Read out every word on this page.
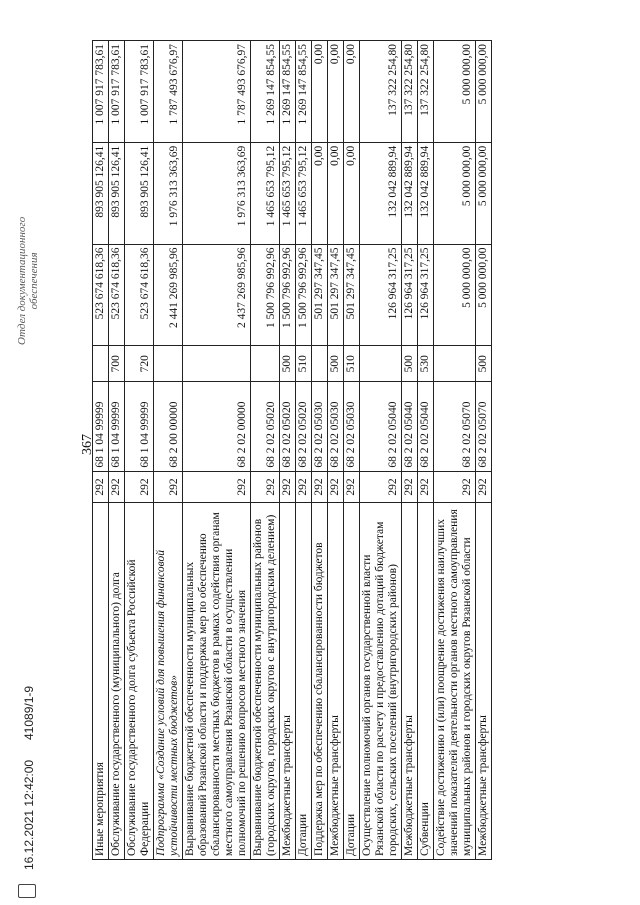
367
Иные мероприятия	292	68 1 04 99999		523 674 618,36	893 905 126,41	1 007 917 783,61
Обслуживание государственного (муниципального) долга	292	68 1 04 99999	700	523 674 618,36	893 905 126,41	1 007 917 783,61
Обслуживание государственного долга субъекта Российской Федерации	292	68 1 04 99999	720	523 674 618,36	893 905 126,41	1 007 917 783,61
Подпрограмма «Создание условий для повышения финансовой устойчивости местных бюджетов»	292	68 2 00 00000		2 441 269 985,96	1 976 313 363,69	1 787 493 676,97
Выравнивание бюджетной обеспеченности муниципальных образований Рязанской области и поддержка мер по обеспечению сбалансированности местных бюджетов в рамках содействия органам местного самоуправления Рязанской области в осуществлении полномочий по решению вопросов местного значения	292	68 2 02 00000		2 437 269 985,96	1 976 313 363,69	1 787 493 676,97
Выравнивание бюджетной обеспеченности муниципальных районов (городских округов, городских округов с внутригородским делением)	292	68 2 02 05020		1 500 796 992,96	1 465 653 795,12	1 269 147 854,55
Межбюджетные трансферты	292	68 2 02 05020	500	1 500 796 992,96	1 465 653 795,12	1 269 147 854,55
Дотации	292	68 2 02 05020	510	1 500 796 992,96	1 465 653 795,12	1 269 147 854,55
Поддержка мер по обеспечению сбалансированности бюджетов	292	68 2 02 05030		501 297 347,45	0,00	0,00
Межбюджетные трансферты	292	68 2 02 05030	500	501 297 347,45	0,00	0,00
Дотации	292	68 2 02 05030	510	501 297 347,45	0,00	0,00
Осуществление полномочий органов государственной власти Рязанской области по расчету и предоставлению дотаций бюджетам городских, сельских поселений (внутригородских районов)	292	68 2 02 05040		126 964 317,25	132 042 889,94	137 322 254,80
Межбюджетные трансферты	292	68 2 02 05040	500	126 964 317,25	132 042 889,94	137 322 254,80
Субвенции	292	68 2 02 05040	530	126 964 317,25	132 042 889,94	137 322 254,80
Содействие достижению и (или) поощрение достижения наилучших значений показателей деятельности органов местного самоуправления муниципальных районов и городских округов Рязанской области	292	68 2 02 05070		5 000 000,00	5 000 000,00	5 000 000,00
Межбюджетные трансферты	292	68 2 02 05070	500	5 000 000,00	5 000 000,00	5 000 000,00
16.12.2021 12:42:00
41089/1-9
Отдел документационного обеспечения
